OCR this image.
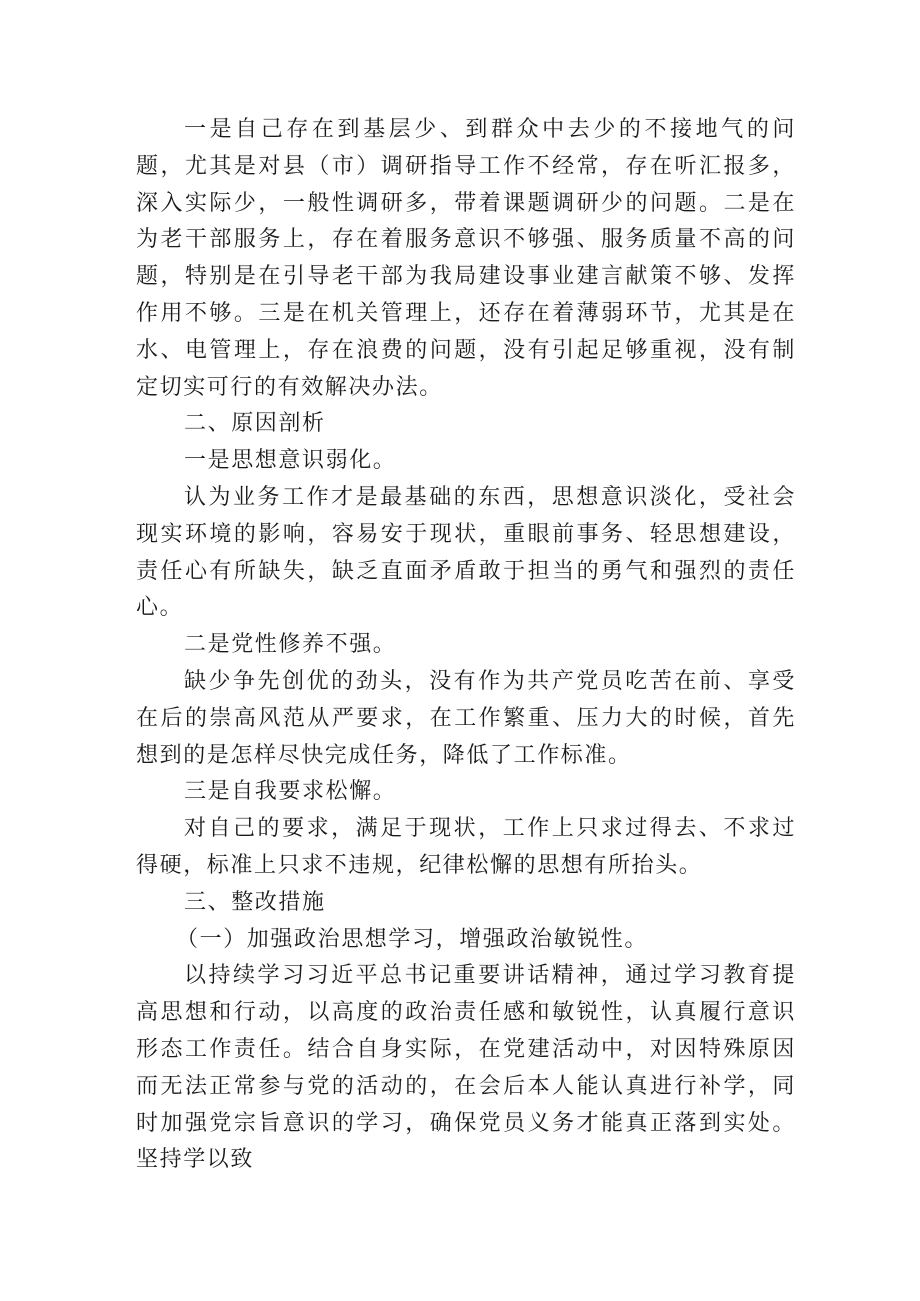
一是自己存在到基层少、到群众中去少的不接地气的问题，尤其是对县（市）调研指导工作不经常，存在听汇报多，深入实际少，一般性调研多，带着课题调研少的问题。二是在为老干部服务上，存在着服务意识不够强、服务质量不高的问题，特别是在引导老干部为我局建设事业建言献策不够、发挥作用不够。三是在机关管理上，还存在着薄弱环节，尤其是在水、电管理上，存在浪费的问题，没有引起足够重视，没有制定切实可行的有效解决办法。

二、原因剖析

一是思想意识弱化。

认为业务工作才是最基础的东西，思想意识淡化，受社会现实环境的影响，容易安于现状，重眼前事务、轻思想建设，责任心有所缺失，缺乏直面矛盾敢于担当的勇气和强烈的责任心。

二是党性修养不强。

缺少争先创优的劲头，没有作为共产党员吃苦在前、享受在后的崇高风范从严要求，在工作繁重、压力大的时候，首先想到的是怎样尽快完成任务，降低了工作标准。

三是自我要求松懈。

对自己的要求，满足于现状，工作上只求过得去、不求过得硬，标准上只求不违规，纪律松懈的思想有所抬头。

三、整改措施

（一）加强政治思想学习，增强政治敏锐性。

以持续学习习近平总书记重要讲话精神，通过学习教育提高思想和行动，以高度的政治责任感和敏锐性，认真履行意识形态工作责任。结合自身实际，在党建活动中，对因特殊原因而无法正常参与党的活动的，在会后本人能认真进行补学，同时加强党宗旨意识的学习，确保党员义务才能真正落到实处。坚持学以致
